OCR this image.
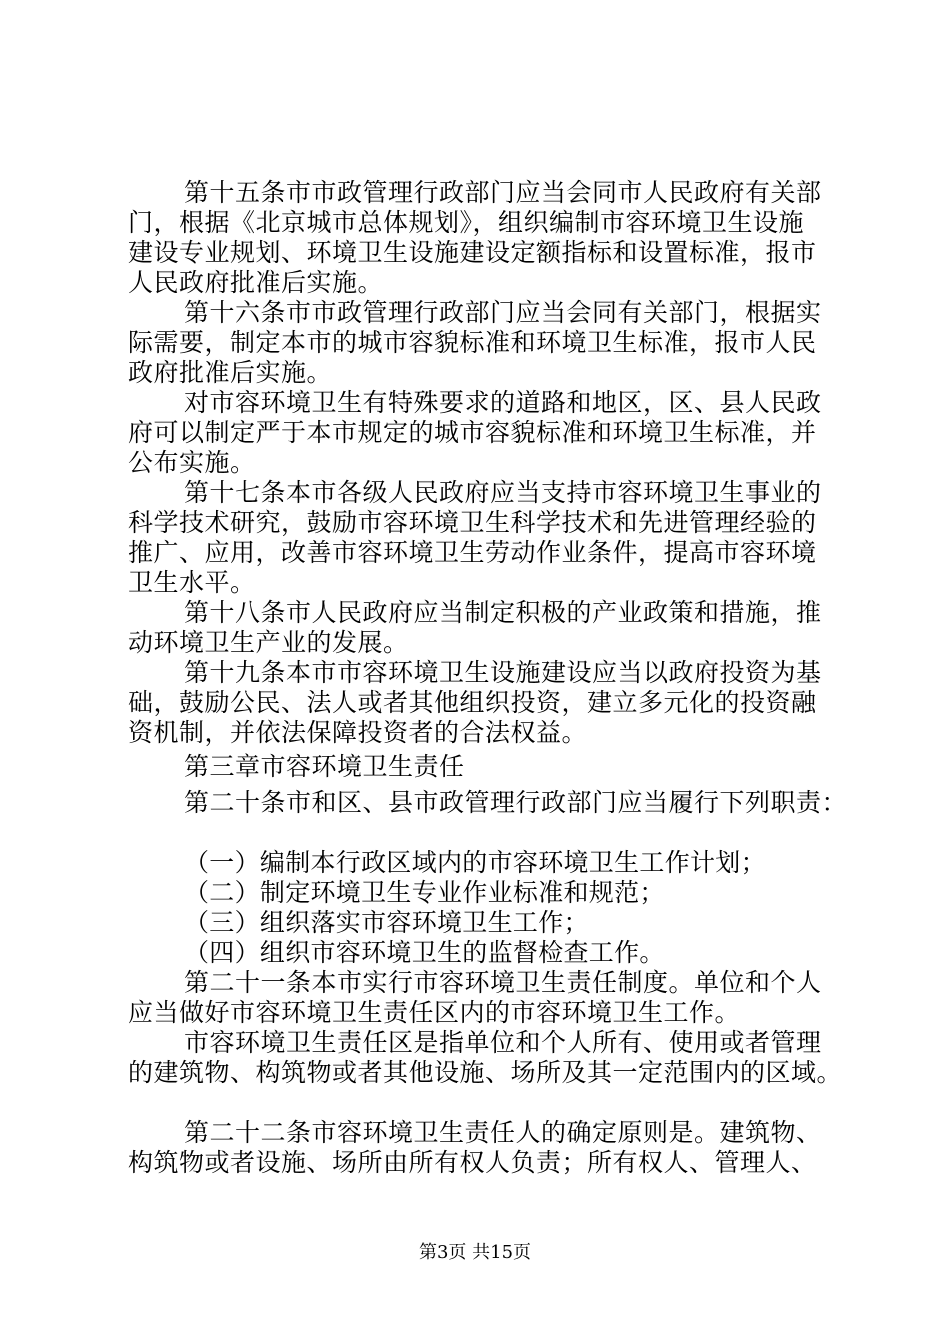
第十五条市市政管理行政部门应当会同市人民政府有关部
门，根据《北京城市总体规划》，组织编制市容环境卫生设施
建设专业规划、环境卫生设施建设定额指标和设置标准，报市
人民政府批准后实施。
第十六条市市政管理行政部门应当会同有关部门，根据实
际需要，制定本市的城市容貌标准和环境卫生标准，报市人民
政府批准后实施。
对市容环境卫生有特殊要求的道路和地区，区、县人民政
府可以制定严于本市规定的城市容貌标准和环境卫生标准，并
公布实施。
第十七条本市各级人民政府应当支持市容环境卫生事业的
科学技术研究，鼓励市容环境卫生科学技术和先进管理经验的
推广、应用，改善市容环境卫生劳动作业条件，提高市容环境
卫生水平。
第十八条市人民政府应当制定积极的产业政策和措施，推
动环境卫生产业的发展。
第十九条本市市容环境卫生设施建设应当以政府投资为基
础，鼓励公民、法人或者其他组织投资，建立多元化的投资融
资机制，并依法保障投资者的合法权益。
第三章市容环境卫生责任
第二十条市和区、县市政管理行政部门应当履行下列职责：
（一）编制本行政区域内的市容环境卫生工作计划；
（二）制定环境卫生专业作业标准和规范；
（三）组织落实市容环境卫生工作；
（四）组织市容环境卫生的监督检查工作。
第二十一条本市实行市容环境卫生责任制度。单位和个人
应当做好市容环境卫生责任区内的市容环境卫生工作。
市容环境卫生责任区是指单位和个人所有、使用或者管理
的建筑物、构筑物或者其他设施、场所及其一定范围内的区域。
第二十二条市容环境卫生责任人的确定原则是。建筑物、
构筑物或者设施、场所由所有权人负责；所有权人、管理人、
第3页 共15页
